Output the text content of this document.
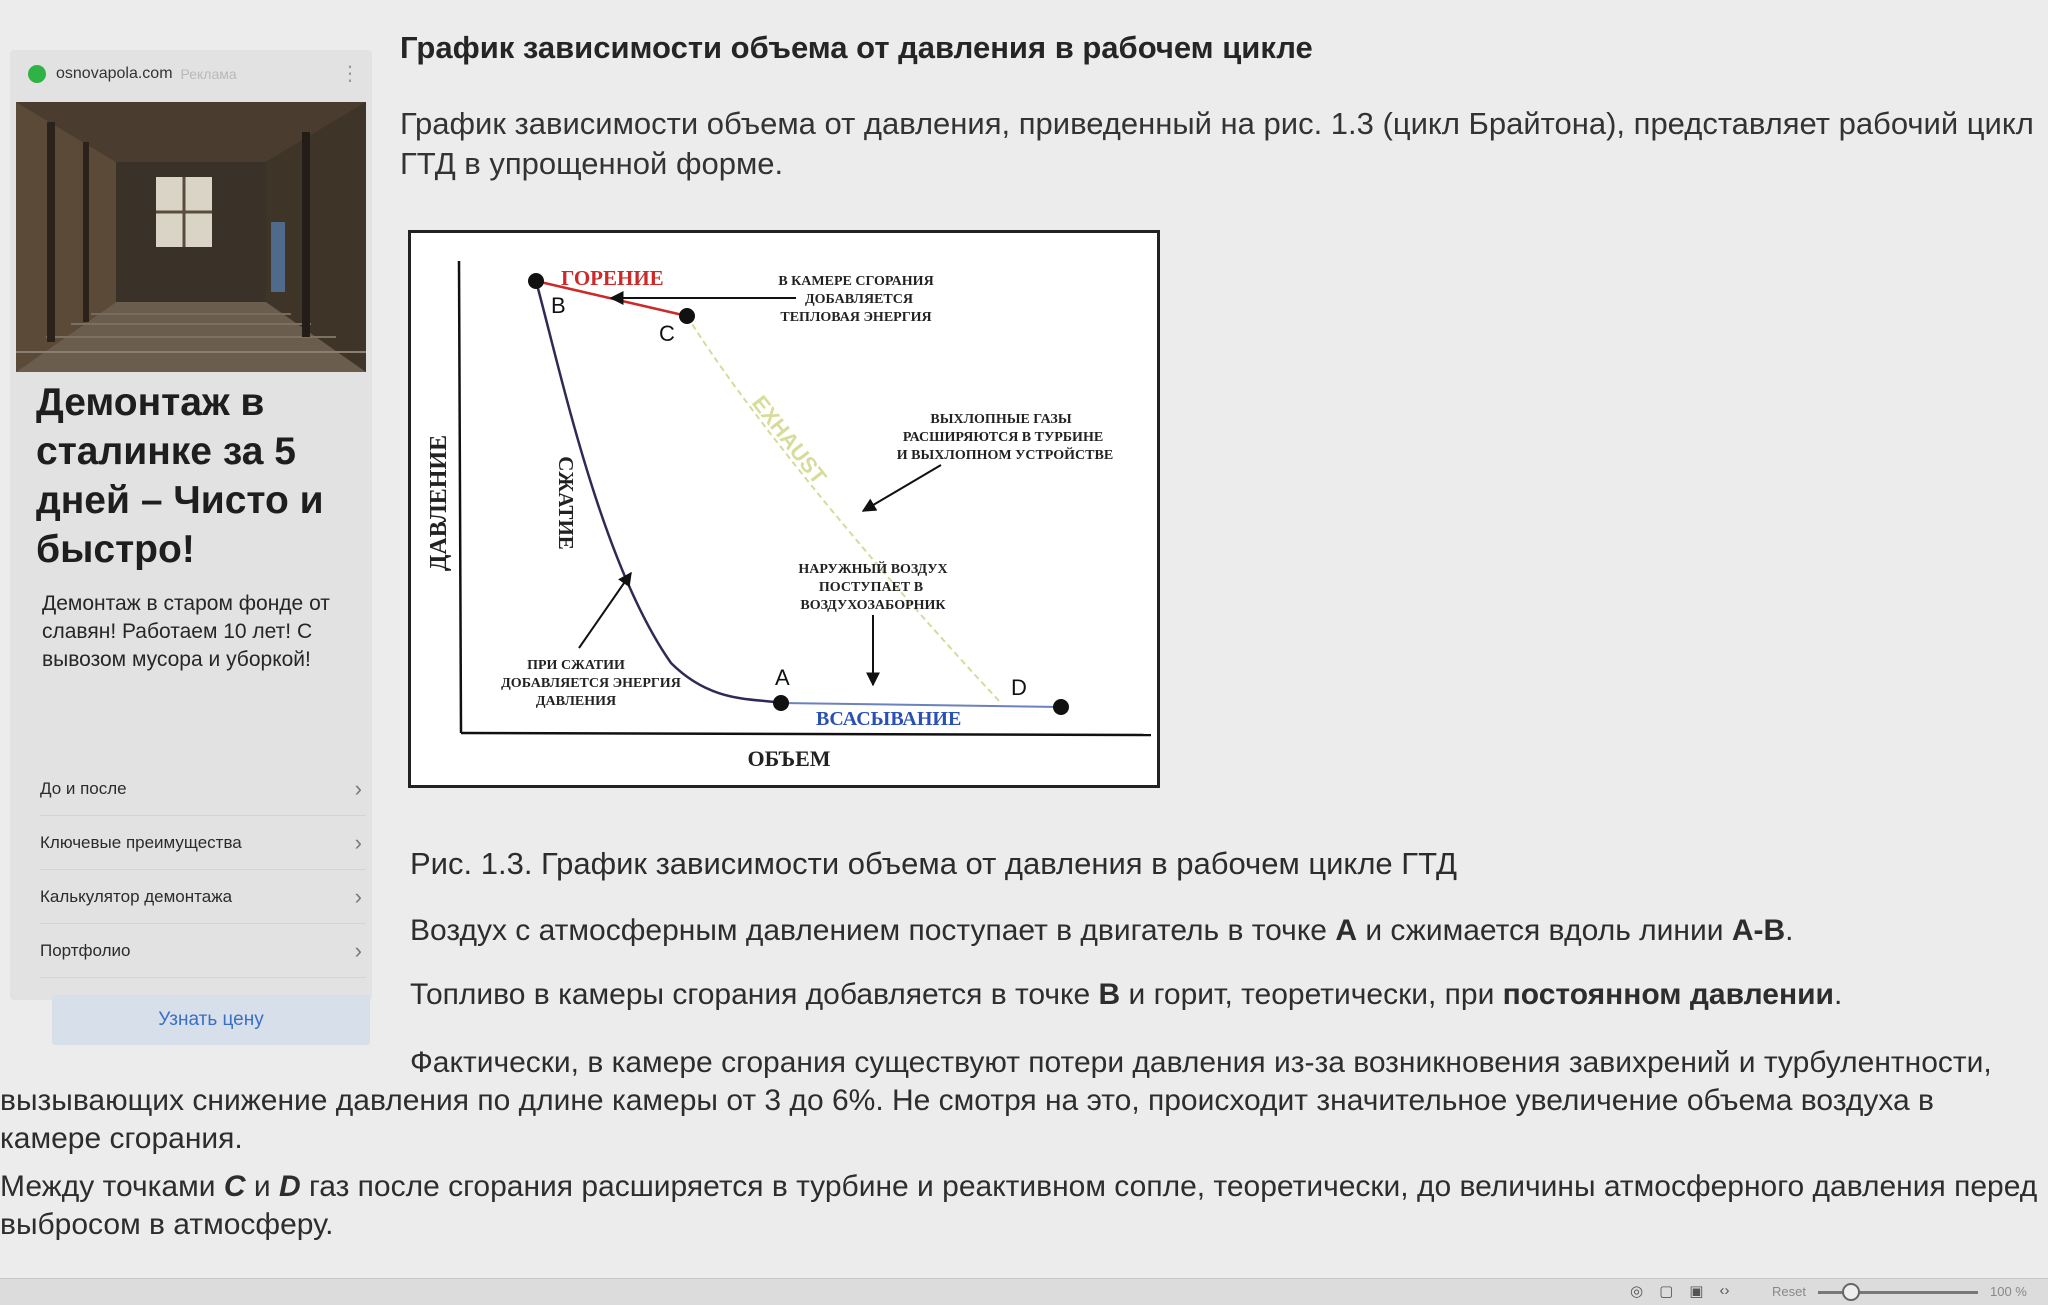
osnovapola.com Реклама	⋮
Демонтаж в сталинке за 5 дней – Чисто и быстро!

Демонтаж в старом фонде от славян! Работаем 10 лет! С вывозом мусора и уборкой!

До и после	›
Ключевые преимущества	›
Калькулятор демонтажа	›
Портфолио	›
Узнать цену
График зависимости объема от давления в рабочем цикле

График зависимости объема от давления, приведенный на рис. 1.3 (цикл Брайтона), представляет рабочий цикл ГТД в упрощенной форме.

ДАВЛЕНИЕ
ОБЪЕМ
B
C
A	D
ГОРЕНИЕ
СЖАТИЕ
ВСАСЫВАНИЕ
EXHAUST
В КАМЕРЕ СГОРАНИЯ
ДОБАВЛЯЕТСЯ
ТЕПЛОВАЯ ЭНЕРГИЯ
ВЫХЛОПНЫЕ ГАЗЫ
РАСШИРЯЮТСЯ В ТУРБИНЕ
И ВЫХЛОПНОМ УСТРОЙСТВЕ
НАРУЖНЫЙ ВОЗДУХ
ПОСТУПАЕТ В
ВОЗДУХОЗАБОРНИК
ПРИ СЖАТИИ
ДОБАВЛЯЕТСЯ ЭНЕРГИЯ
ДАВЛЕНИЯ

Рис. 1.3. График зависимости объема от давления в рабочем цикле ГТД

Воздух с атмосферным давлением поступает в двигатель в точке A и сжимается вдоль линии A-B.

Топливо в камеры сгорания добавляется в точке B и горит, теоретически, при постоянном давлении.

Фактически, в камере сгорания существуют потери давления из-за возникновения завихрений и турбулентности, вызывающих снижение давления по длине камеры от 3 до 6%. Не смотря на это, происходит значительное увеличение объема воздуха в камере сгорания.

Между точками C и D газ после сгорания расширяется в турбине и реактивном сопле, теоретически, до величины атмосферного давления перед выбросом в атмосферу.

◎ ▢ ▣ ‹›	Reset	100 %
